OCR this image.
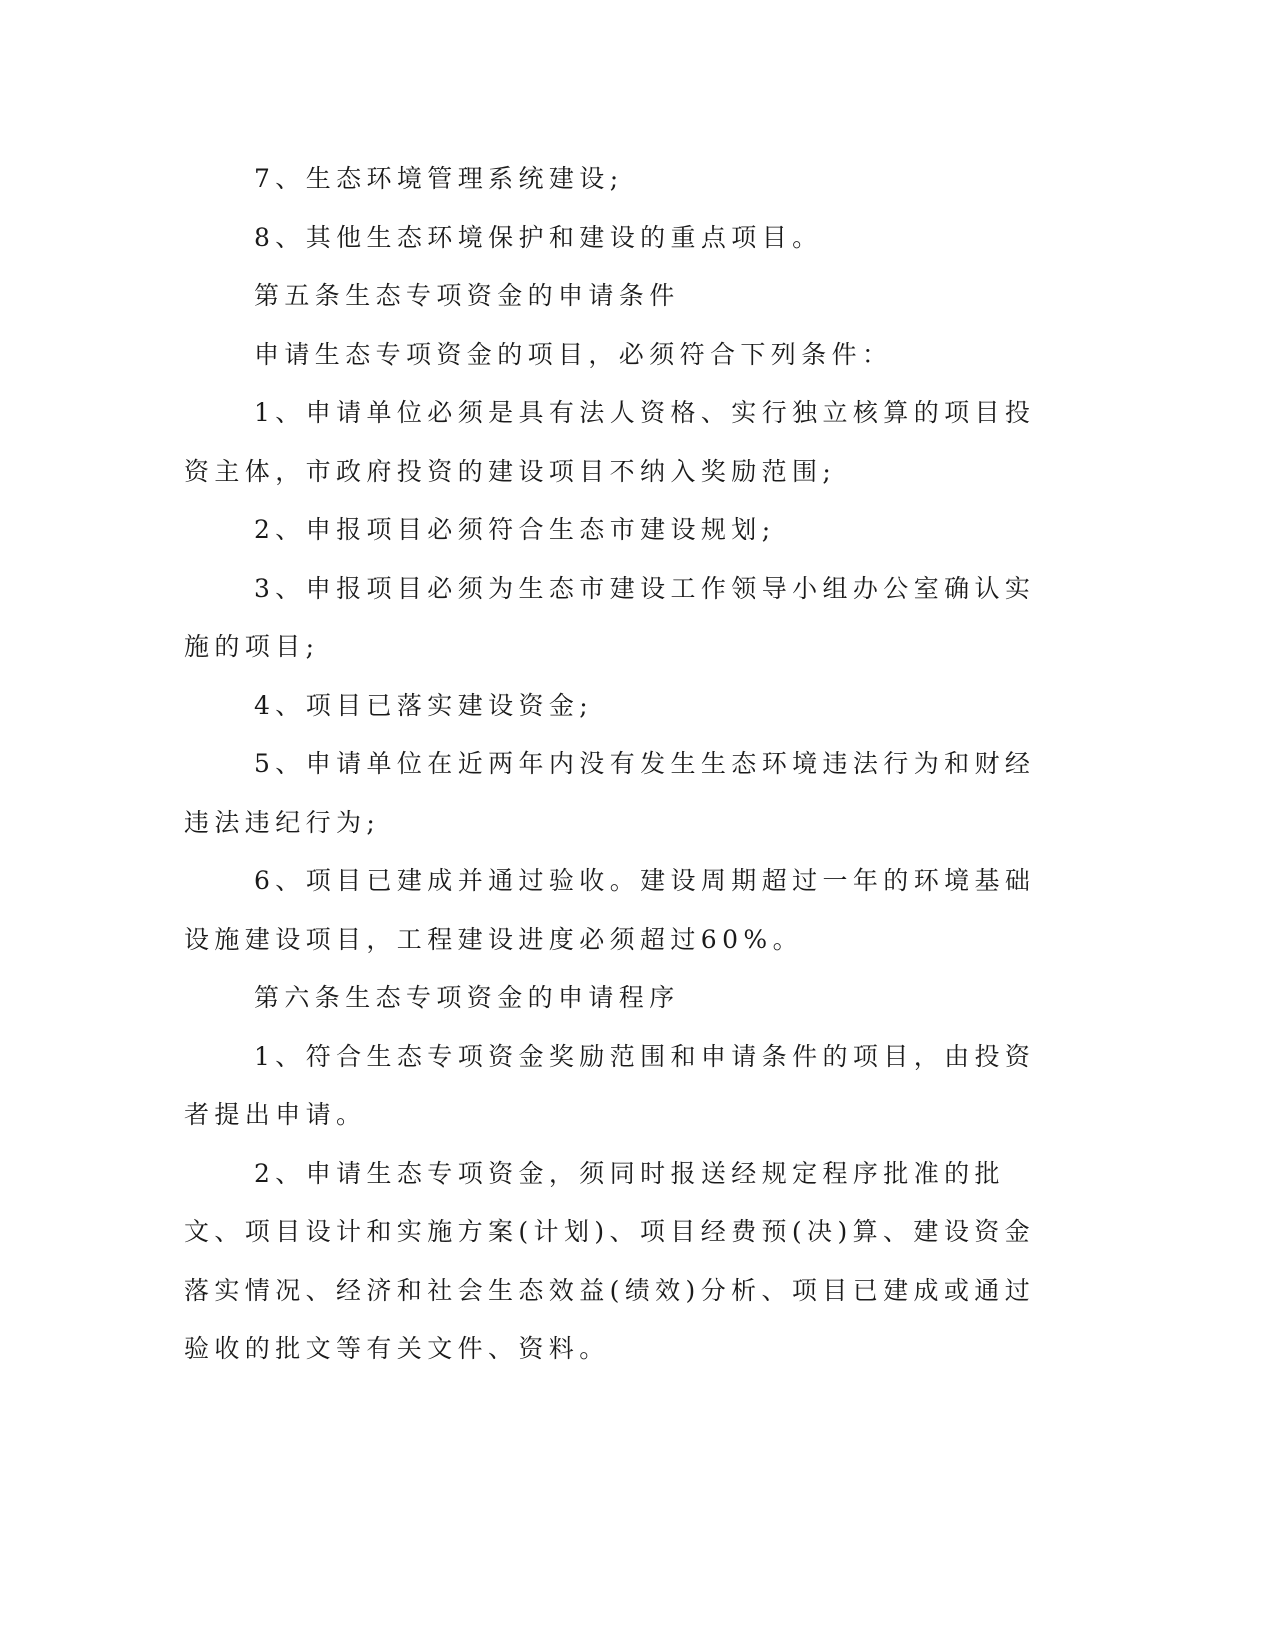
7、生态环境管理系统建设;

8、其他生态环境保护和建设的重点项目。

第五条生态专项资金的申请条件

申请生态专项资金的项目，必须符合下列条件：

1、申请单位必须是具有法人资格、实行独立核算的项目投资主体，市政府投资的建设项目不纳入奖励范围;

2、申报项目必须符合生态市建设规划;

3、申报项目必须为生态市建设工作领导小组办公室确认实施的项目;

4、项目已落实建设资金;

5、申请单位在近两年内没有发生生态环境违法行为和财经违法违纪行为;

6、项目已建成并通过验收。建设周期超过一年的环境基础设施建设项目，工程建设进度必须超过60%。

第六条生态专项资金的申请程序

1、符合生态专项资金奖励范围和申请条件的项目，由投资者提出申请。

2、申请生态专项资金，须同时报送经规定程序批准的批文、项目设计和实施方案(计划)、项目经费预(决)算、建设资金落实情况、经济和社会生态效益(绩效)分析、项目已建成或通过验收的批文等有关文件、资料。
